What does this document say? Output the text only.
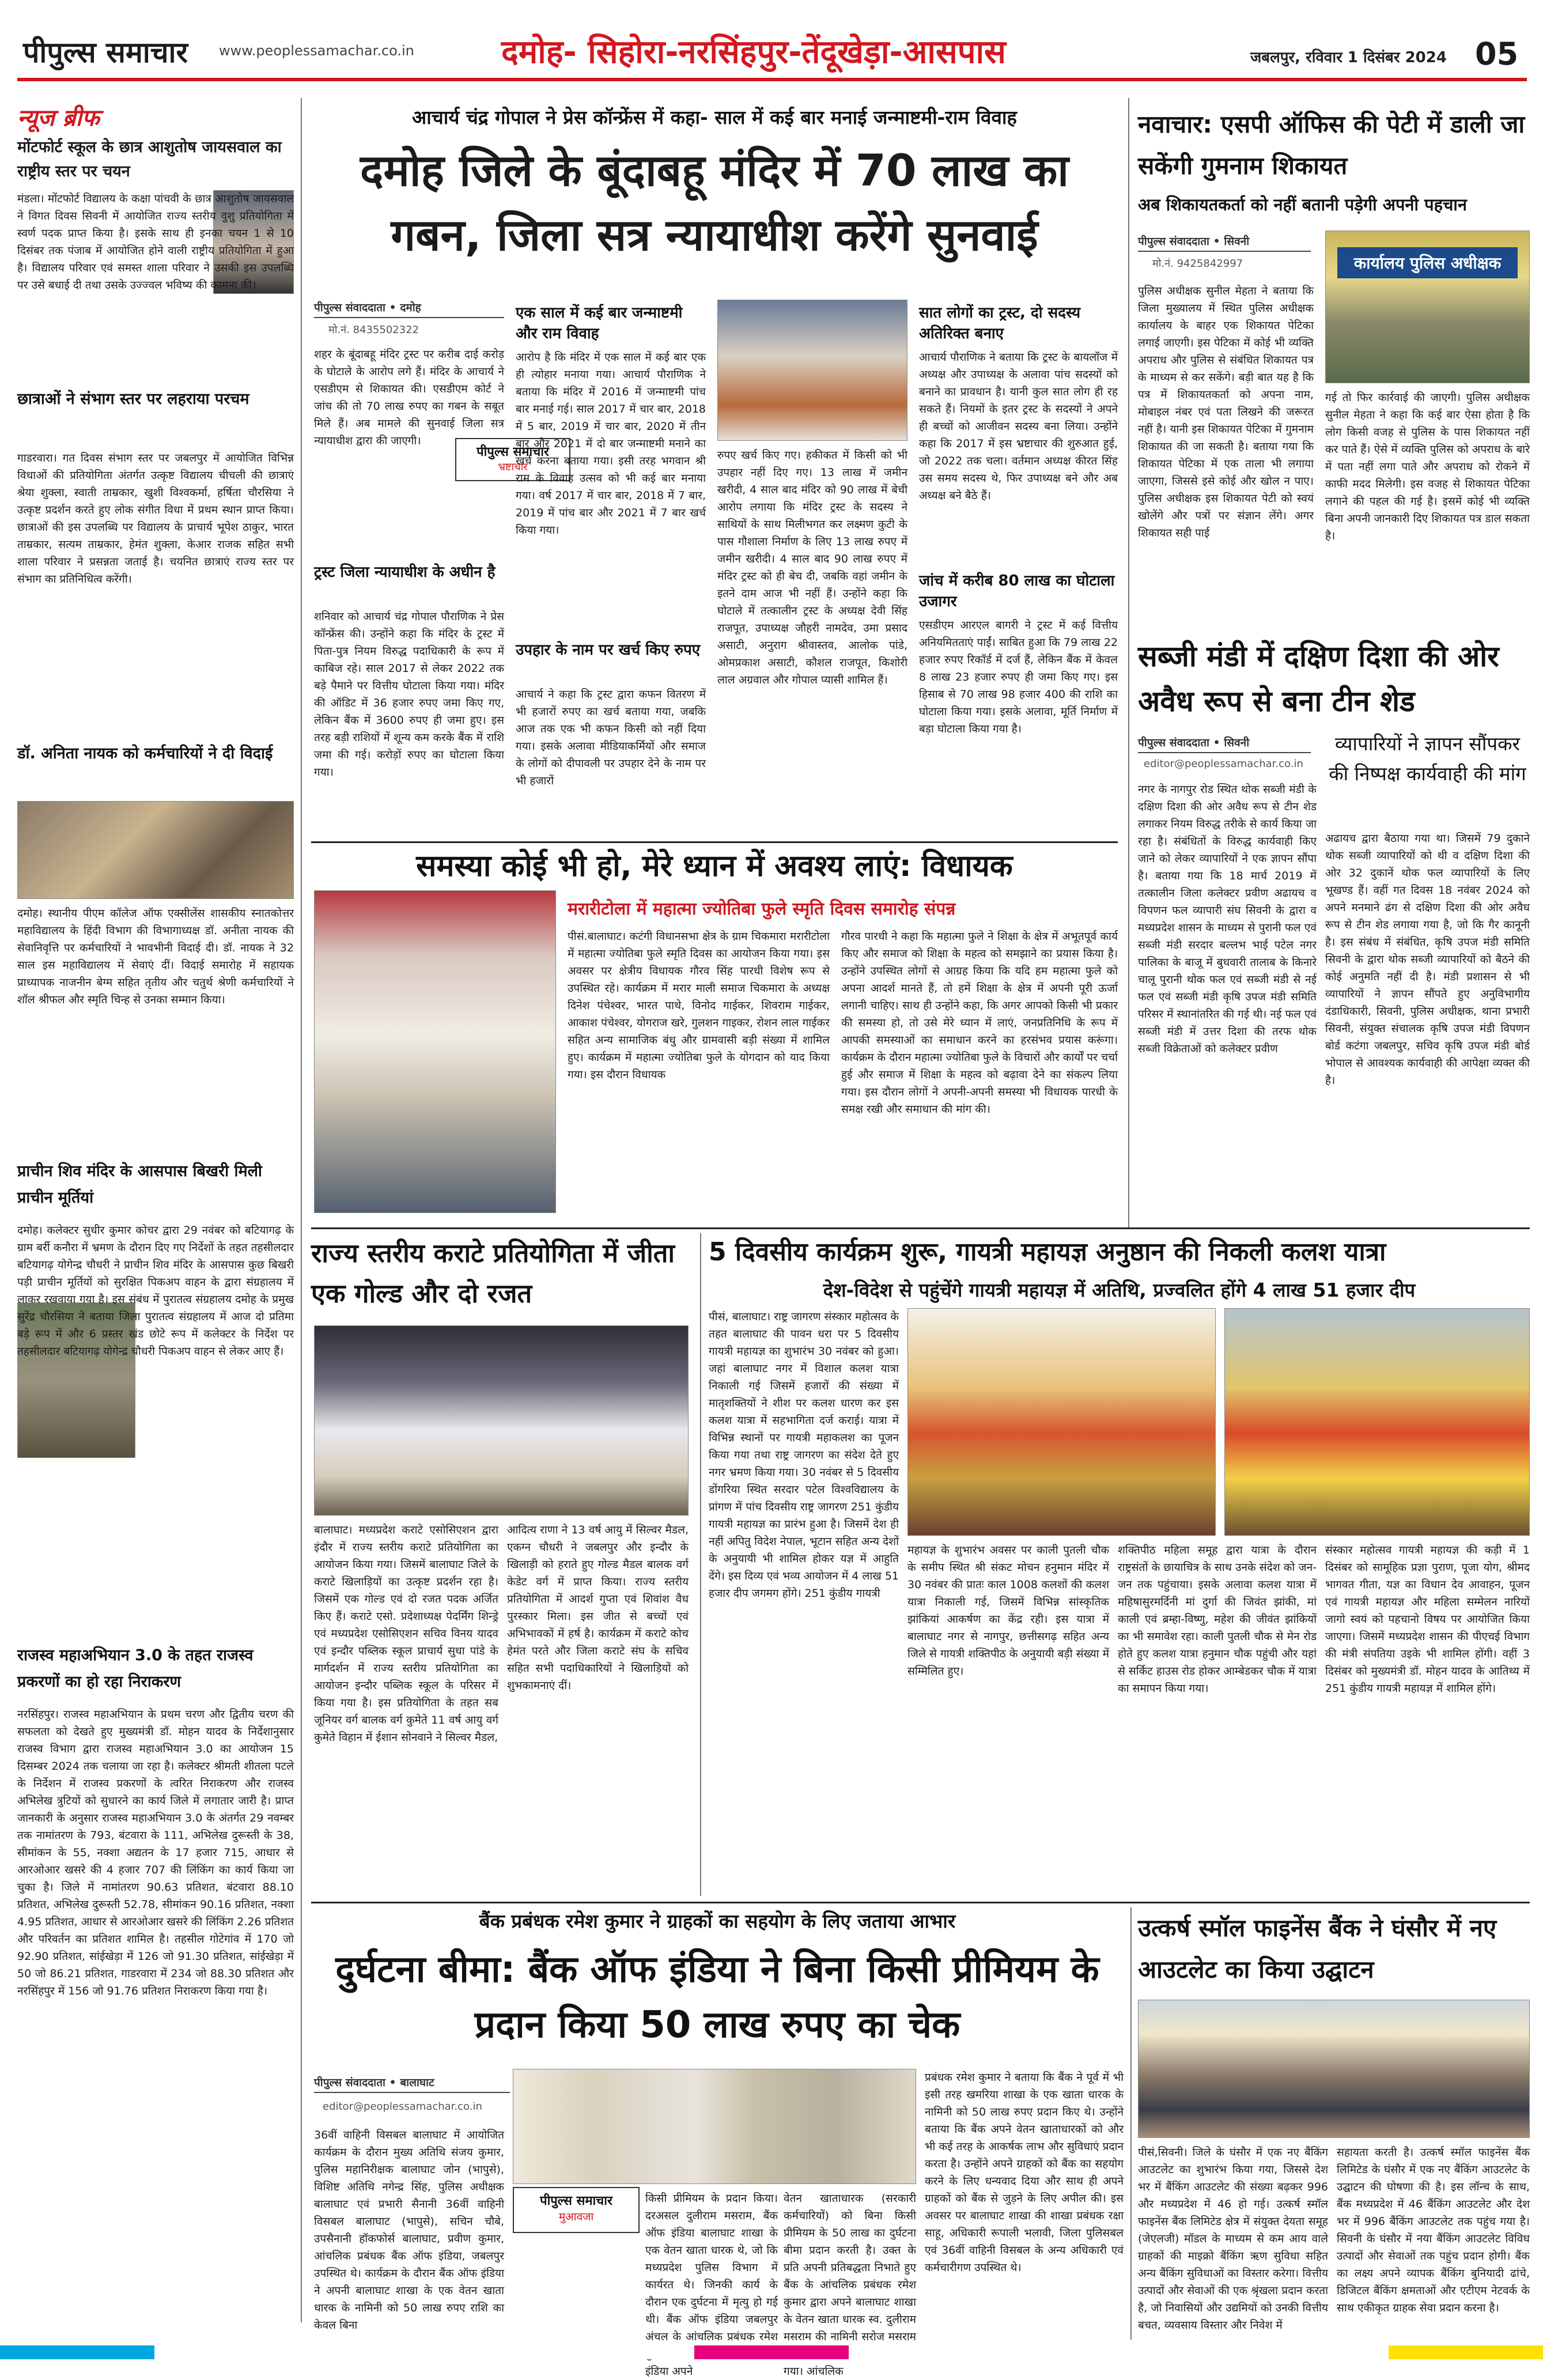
पीपुल्स समाचार	www.peoplessamachar.co.in	दमोह- सिहोरा-नरसिंहपुर-तेंदूखेड़ा-आसपास	जबलपुर, रविवार 1 दिसंबर 2024 05
न्यूज ब्रीफ
मोंटफोर्ट स्कूल के छात्र आशुतोष जायसवाल का राष्ट्रीय स्तर पर चयन
मंडला। मोंटफोर्ट विद्यालय के कक्षा पांचवी के छात्र आशुतोष जायसवाल ने विगत दिवस सिवनी में आयोजित राज्य स्तरीय वुशु प्रतियोगिता में स्वर्ण पदक प्राप्त किया है। इसके साथ ही इनका चयन 1 से 10 दिसंबर तक पंजाब में आयोजित होने वाली राष्ट्रीय प्रतियोगिता में हुआ है। विद्यालय परिवार एवं समस्त शाला परिवार ने उसकी इस उपलब्धि पर उसे बधाई दी तथा उसके उज्ज्वल भविष्य की कामना की।
छात्राओं ने संभाग स्तर पर लहराया परचम
गाडरवारा। गत दिवस संभाग स्तर पर जबलपुर में आयोजित विभिन्न विधाओं की प्रतियोगिता अंतर्गत उत्कृष्ट विद्यालय चीचली की छात्राएं श्रेया शुक्ला, स्वाती ताम्रकार, खुशी विश्वकर्मा, हर्षिता चौरसिया ने उत्कृष्ट प्रदर्शन करते हुए लोक संगीत विधा में प्रथम स्थान प्राप्त किया। छात्राओं की इस उपलब्धि पर विद्यालय के प्राचार्य भूपेश ठाकुर, भारत ताम्रकार, सत्यम ताम्रकार, हेमंत शुक्ला, केआर राजक सहित सभी शाला परिवार ने प्रसन्नता जताई है। चयनित छात्राएं राज्य स्तर पर संभाग का प्रतिनिधित्व करेंगी।
डॉ. अनिता नायक को कर्मचारियों ने दी विदाई
दमोह। स्थानीय पीएम कॉलेज ऑफ एक्सीलेंस शासकीय स्नातकोत्तर महाविद्यालय के हिंदी विभाग की विभागाध्यक्ष डॉ. अनीता नायक की सेवानिवृत्ति पर कर्मचारियों ने भावभीनी विदाई दी। डॉ. नायक ने 32 साल इस महाविद्यालय में सेवाएं दीं। विदाई समारोह में सहायक प्राध्यापक नाजनीन बेग्म सहित तृतीय और चतुर्थ श्रेणी कर्मचारियों ने शॉल श्रीफल और स्मृति चिन्ह से उनका सम्मान किया।
प्राचीन शिव मंदिर के आसपास बिखरी मिली प्राचीन मूर्तियां
दमोह। कलेक्टर सुधीर कुमार कोचर द्वारा 29 नवंबर को बटियागढ़ के ग्राम बर्री कनौरा में भ्रमण के दौरान दिए गए निर्देशों के तहत तहसीलदार बटियागढ़ योगेन्द्र चौधरी ने प्राचीन शिव मंदिर के आसपास कुछ बिखरी पड़ी प्राचीन मूर्तियों को सुरक्षित पिकअप वाहन के द्वारा संग्रहालय में लाकर रखवाया गया है। इस संबंध में पुरातत्व संग्रहालय दमोह के प्रमुख सुरेंद्र चौरसिया ने बताया जिला पुरातत्व संग्रहालय में आज दो प्रतिमा बड़े रूप में और 6 प्रस्तर खंड छोटे रूप में कलेक्टर के निर्देश पर तहसीलदार बटियागढ़ योगेन्द्र चौधरी पिकअप वाहन से लेकर आए हैं।
राजस्व महाअभियान 3.0 के तहत राजस्व प्रकरणों का हो रहा निराकरण
नरसिंहपुर। राजस्व महाअभियान के प्रथम चरण और द्वितीय चरण की सफलता को देखते हुए मुख्यमंत्री डॉ. मोहन यादव के निर्देशानुसार राजस्व विभाग द्वारा राजस्व महाअभियान 3.0 का आयोजन 15 दिसम्बर 2024 तक चलाया जा रहा है। कलेक्टर श्रीमती शीतला पटले के निर्देशन में राजस्व प्रकरणों के त्वरित निराकरण और राजस्व अभिलेख त्रुटियों को सुधारने का कार्य जिले में लगातार जारी है। प्राप्त जानकारी के अनुसार राजस्व महाअभियान 3.0 के अंतर्गत 29 नवम्बर तक नामांतरण के 793, बंटवारा के 111, अभिलेख दुरूस्ती के 38, सीमांकन के 55, नक्शा अद्यतन के 17 हजार 715, आधार से आरओआर खसरे की 4 हजार 707 की लिंकिंग का कार्य किया जा चुका है। जिले में नामांतरण 90.63 प्रतिशत, बंटवारा 88.10 प्रतिशत, अभिलेख दुरूस्ती 52.78, सीमांकन 90.16 प्रतिशत, नक्शा 4.95 प्रतिशत, आधार से आरओआर खसरे की लिंकिंग 2.26 प्रतिशत और परिवर्तन का प्रतिशत शामिल है। तहसील गोटेगांव में 170 जो 92.90 प्रतिशत, सांईखेड़ा में 126 जो 91.30 प्रतिशत, सांईखेड़ा में 50 जो 86.21 प्रतिशत, गाडरवारा में 234 जो 88.30 प्रतिशत और नरसिंहपुर में 156 जो 91.76 प्रतिशत निराकरण किया गया है।
आचार्य चंद्र गोपाल ने प्रेस कॉन्फ्रेंस में कहा- साल में कई बार मनाई जन्माष्टमी-राम विवाह
दमोह जिले के बूंदाबहू मंदिर में 70 लाख का गबन, जिला सत्र न्यायाधीश करेंगे सुनवाई
पीपुल्स संवाददाता • दमोह
मो.नं. 8435502322
शहर के बूंदाबहू मंदिर ट्रस्ट पर करीब दाई करोड़ के घोटाले के आरोप लगे हैं। मंदिर के आचार्य ने एसडीएम से शिकायत की। एसडीएम कोर्ट ने जांच की तो 70 लाख रुपए का गबन के सबूत मिले हैं। अब मामले की सुनवाई जिला सत्र न्यायाधीश द्वारा की जाएगी।
पीपुल्स समाचार
भ्रष्टाचार
ट्रस्ट जिला न्यायाधीश के अधीन है
शनिवार को आचार्य चंद्र गोपाल पौराणिक ने प्रेस कॉन्फ्रेंस की। उन्होंने कहा कि मंदिर के ट्रस्ट में पिता-पुत्र नियम विरुद्ध पदाधिकारी के रूप में काबिज रहे। साल 2017 से लेकर 2022 तक बड़े पैमाने पर वित्तीय घोटाला किया गया। मंदिर की ऑडिट में 36 हजार रुपए जमा किए गए, लेकिन बैंक में 3600 रुपए ही जमा हुए। इस तरह बड़ी राशियों में शून्य कम करके बैंक में राशि जमा की गई। करोड़ों रुपए का घोटाला किया गया।
एक साल में कई बार जन्माष्टमी और राम विवाह
आरोप है कि मंदिर में एक साल में कई बार एक ही त्योहार मनाया गया। आचार्य पौराणिक ने बताया कि मंदिर में 2016 में जन्माष्टमी पांच बार मनाई गई। साल 2017 में चार बार, 2018 में 5 बार, 2019 में चार बार, 2020 में तीन बार और 2021 में दो बार जन्माष्टमी मनाने का खर्च करना बताया गया। इसी तरह भगवान श्री राम के विवाह उत्सव को भी कई बार मनाया गया। वर्ष 2017 में चार बार, 2018 में 7 बार, 2019 में पांच बार और 2021 में 7 बार खर्च किया गया।
उपहार के नाम पर खर्च किए रुपए
आचार्य ने कहा कि ट्रस्ट द्वारा कफन वितरण में भी हजारों रुपए का खर्च बताया गया, जबकि आज तक एक भी कफन किसी को नहीं दिया गया। इसके अलावा मीडियाकर्मियों और समाज के लोगों को दीपावली पर उपहार देने के नाम पर भी हजारों
रुपए खर्च किए गए। हकीकत में किसी को भी उपहार नहीं दिए गए। 13 लाख में जमीन खरीदी, 4 साल बाद मंदिर को 90 लाख में बेची आरोप लगाया कि मंदिर ट्रस्ट के सदस्य ने साथियों के साथ मिलीभगत कर लक्ष्मण कुटी के पास गौशाला निर्माण के लिए 13 लाख रुपए में जमीन खरीदी। 4 साल बाद 90 लाख रुपए में मंदिर ट्रस्ट को ही बेच दी, जबकि वहां जमीन के इतने दाम आज भी नहीं हैं। उन्होंने कहा कि घोटाले में तत्कालीन ट्रस्ट के अध्यक्ष देवी सिंह राजपूत, उपाध्यक्ष जौहरी नामदेव, उमा प्रसाद असाटी, अनुराग श्रीवास्तव, आलोक पांडे, ओमप्रकाश असाटी, कौशल राजपूत, किशोरी लाल अग्रवाल और गोपाल प्यासी शामिल हैं।
सात लोगों का ट्रस्ट, दो सदस्य अतिरिक्त बनाए
आचार्य पौराणिक ने बताया कि ट्रस्ट के बायलॉज में अध्यक्ष और उपाध्यक्ष के अलावा पांच सदस्यों को बनाने का प्रावधान है। यानी कुल सात लोग ही रह सकते हैं। नियमों के इतर ट्रस्ट के सदस्यों ने अपने ही बच्चों को आजीवन सदस्य बना लिया। उन्होंने कहा कि 2017 में इस भ्रष्टाचार की शुरुआत हुई, जो 2022 तक चला। वर्तमान अध्यक्ष कीरत सिंह उस समय सदस्य थे, फिर उपाध्यक्ष बने और अब अध्यक्ष बने बैठे हैं।
जांच में करीब 80 लाख का घोटाला उजागर
एसडीएम आरएल बागरी ने ट्रस्ट में कई वित्तीय अनियमितताएं पाईं। साबित हुआ कि 79 लाख 22 हजार रुपए रिकॉर्ड में दर्ज हैं, लेकिन बैंक में केवल 8 लाख 23 हजार रुपए ही जमा किए गए। इस हिसाब से 70 लाख 98 हजार 400 की राशि का घोटाला किया गया। इसके अलावा, मूर्ति निर्माण में बड़ा घोटाला किया गया है।
नवाचार: एसपी ऑफिस की पेटी में डाली जा सकेंगी गुमनाम शिकायत
अब शिकायतकर्ता को नहीं बतानी पड़ेगी अपनी पहचान
पीपुल्स संवाददाता • सिवनी
मो.नं. 9425842997	कार्यालय पुलिस अधीक्षक
पुलिस अधीक्षक सुनील मेहता ने बताया कि जिला मुख्यालय में स्थित पुलिस अधीक्षक कार्यालय के बाहर एक शिकायत पेटिका लगाई जाएगी। इस पेटिका में कोई भी व्यक्ति अपराध और पुलिस से संबंधित शिकायत पत्र के माध्यम से कर सकेंगे। बड़ी बात यह है कि पत्र में शिकायतकर्ता को अपना नाम, मोबाइल नंबर एवं पता लिखने की जरूरत नहीं है। यानी इस शिकायत पेटिका में गुमनाम शिकायत की जा सकती है। बताया गया कि शिकायत पेटिका में एक ताला भी लगाया जाएगा, जिससे इसे कोई और खोल न पाए। पुलिस अधीक्षक इस शिकायत पेटी को स्वयं खोलेंगे और पत्रों पर संज्ञान लेंगे। अगर शिकायत सही पाई
गई तो फिर कार्रवाई की जाएगी। पुलिस अधीक्षक सुनील मेहता ने कहा कि कई बार ऐसा होता है कि लोग किसी वजह से पुलिस के पास शिकायत नहीं कर पाते हैं। ऐसे में व्यक्ति पुलिस को अपराध के बारे में पता नहीं लगा पाते और अपराध को रोकने में काफी मदद मिलेगी। इस वजह से शिकायत पेटिका लगाने की पहल की गई है। इसमें कोई भी व्यक्ति बिना अपनी जानकारी दिए शिकायत पत्र डाल सकता है।
सब्जी मंडी में दक्षिण दिशा की ओर अवैध रूप से बना टीन शेड
पीपुल्स संवाददाता • सिवनी
editor@peoplessamachar.co.in
व्यापारियों ने ज्ञापन सौंपकर की निष्पक्ष कार्यवाही की मांग
नगर के नागपुर रोड स्थित थोक सब्जी मंडी के दक्षिण दिशा की ओर अवैध रूप से टीन शेड लगाकर नियम विरुद्ध तरीके से कार्य किया जा रहा है। संबंधितों के विरुद्ध कार्यवाही किए जाने को लेकर व्यापारियों ने एक ज्ञापन सौंपा है। बताया गया कि 18 मार्च 2019 में तत्कालीन जिला कलेक्टर प्रवीण अढायच व विपणन फल व्यापारी संघ सिवनी के द्वारा व मध्यप्रदेश शासन के माध्यम से पुरानी फल एवं सब्जी मंडी सरदार बल्लभ भाई पटेल नगर पालिका के बाजू में बुधवारी तालाब के किनारे चालू पुरानी थोक फल एवं सब्जी मंडी से नई फल एवं सब्जी मंडी कृषि उपज मंडी समिति परिसर में स्थानांतरित की गई थी। नई फल एवं सब्जी मंडी में उत्तर दिशा की तरफ थोक सब्जी विक्रेताओं को कलेक्टर प्रवीण
अढायच द्वारा बैठाया गया था। जिसमें 79 दुकाने थोक सब्जी व्यापारियों को थी व दक्षिण दिशा की ओर 32 दुकानें थोक फल व्यापारियों के लिए भूखण्ड हैं। वहीं गत दिवस 18 नवंबर 2024 को अपने मनमाने ढंग से दक्षिण दिशा की ओर अवैध रूप से टीन शेड लगाया गया है, जो कि गैर कानूनी है। इस संबंध में संबंधित, कृषि उपज मंडी समिति सिवनी के द्वारा थोक सब्जी व्यापारियों को बैठने की कोई अनुमति नहीं दी है। मंडी प्रशासन से भी व्यापारियों ने ज्ञापन सौंपते हुए अनुविभागीय दंडाधिकारी, सिवनी, पुलिस अधीक्षक, थाना प्रभारी सिवनी, संयुक्त संचालक कृषि उपज मंडी विपणन बोर्ड कटंगा जबलपुर, सचिव कृषि उपज मंडी बोर्ड भोपाल से आवश्यक कार्यवाही की आपेक्षा व्यक्त की है।
समस्या कोई भी हो, मेरे ध्यान में अवश्य लाएं: विधायक
मरारीटोला में महात्मा ज्योतिबा फुले स्मृति दिवस समारोह संपन्न
पीसं.बालाघाट। कटंगी विधानसभा क्षेत्र के ग्राम चिकमारा मरारीटोला में महात्मा ज्योतिबा फुले स्मृति दिवस का आयोजन किया गया। इस अवसर पर क्षेत्रीय विधायक गौरव सिंह पारधी विशेष रूप से उपस्थित रहे। कार्यक्रम में मरार माली समाज चिकमारा के अध्यक्ष दिनेश पंचेश्वर, भारत पाथे, विनोद गाईकर, शिवराम गाईकर, आकाश पंचेश्वर, योगराज खरे, गुलशन गाइकर, रोशन लाल गाईकर सहित अन्य सामाजिक बंधु और ग्रामवासी बड़ी संख्या में शामिल हुए। कार्यक्रम में महात्मा ज्योतिबा फुले के योगदान को याद किया गया। इस दौरान विधायक
गौरव पारधी ने कहा कि महात्मा फुले ने शिक्षा के क्षेत्र में अभूतपूर्व कार्य किए और समाज को शिक्षा के महत्व को समझाने का प्रयास किया है। उन्होंने उपस्थित लोगों से आग्रह किया कि यदि हम महात्मा फुले को अपना आदर्श मानते हैं, तो हमें शिक्षा के क्षेत्र में अपनी पूरी ऊर्जा लगानी चाहिए। साथ ही उन्होंने कहा, कि अगर आपको किसी भी प्रकार की समस्या हो, तो उसे मेरे ध्यान में लाएं, जनप्रतिनिधि के रूप में आपकी समस्याओं का समाधान करने का हरसंभव प्रयास करूंगा। कार्यक्रम के दौरान महात्मा ज्योतिबा फुले के विचारों और कार्यों पर चर्चा हुई और समाज में शिक्षा के महत्व को बढ़ावा देने का संकल्प लिया गया। इस दौरान लोगों ने अपनी-अपनी समस्या भी विधायक पारधी के समक्ष रखी और समाधान की मांग की।
राज्य स्तरीय कराटे प्रतियोगिता में जीता एक गोल्ड और दो रजत
बालाघाट। मध्यप्रदेश कराटे एसोसिएशन द्वारा इंदौर में राज्य स्तरीय कराटे प्रतियोगिता का आयोजन किया गया। जिसमें बालाघाट जिले के कराटे खिलाड़ियों का उत्कृष्ट प्रदर्शन रहा है। जिसमें एक गोल्ड एवं दो रजत पदक अर्जित किए हैं। कराटे एसो. प्रदेशाध्यक्ष पेदर्मिंग शिन्ड्रे एवं मध्यप्रदेश एसोसिएशन सचिव विनय यादव एवं इन्दौर पब्लिक स्कूल प्राचार्य सुधा पांडे के मार्गदर्शन में राज्य स्तरीय प्रतियोगिता का आयोजन इन्दौर पब्लिक स्कूल के परिसर में किया गया है। इस प्रतियोगिता के तहत सब जूनियर वर्ग बालक वर्ग कुमेते 11 वर्ष आयु वर्ग कुमेते विहान में ईशान सोनवाने ने सिल्वर मैडल,
आदित्य राणा ने 13 वर्ष आयु में सिल्वर मैडल, एकग्न चौधरी ने जबलपुर और इन्दौर के खिलाड़ी को हराते हुए गोल्ड मैडल बालक वर्ग केडेट वर्ग में प्राप्त किया। राज्य स्तरीय प्रतियोगिता में आदर्श गुप्ता एवं शिवांश वैध पुरस्कार मिला। इस जीत से बच्चों एवं अभिभावकों में हर्ष है। कार्यक्रम में कराटे कोच हेमंत परते और जिला कराटे संघ के सचिव सहित सभी पदाधिकारियों ने खिलाड़ियों को शुभकामनाएं दीं।
5 दिवसीय कार्यक्रम शुरू, गायत्री महायज्ञ अनुष्ठान की निकली कलश यात्रा
देश-विदेश से पहुंचेंगे गायत्री महायज्ञ में अतिथि, प्रज्वलित होंगे 4 लाख 51 हजार दीप
पीसं, बालाघाट। राष्ट्र जागरण संस्कार महोत्सव के तहत बालाघाट की पावन धरा पर 5 दिवसीय गायत्री महायज्ञ का शुभारंभ 30 नवंबर को हुआ। जहां बालाघाट नगर में विशाल कलश यात्रा निकाली गई जिसमें हजारों की संख्या में मातृशक्तियों ने शीश पर कलश धारण कर इस कलश यात्रा में सहभागिता दर्ज कराई। यात्रा में विभिन्न स्थानों पर गायत्री महाकलश का पूजन किया गया तथा राष्ट्र जागरण का संदेश देते हुए नगर भ्रमण किया गया। 30 नवंबर से 5 दिवसीय डोंगरिया स्थित सरदार पटेल विश्वविद्यालय के प्रांगण में पांच दिवसीय राष्ट्र जागरण 251 कुंडीय गायत्री महायज्ञ का प्रारंभ हुआ है। जिसमें देश ही नहीं अपितु विदेश नेपाल, भूटान सहित अन्य देशों के अनुयायी भी शामिल होकर यज्ञ में आहुति देंगे। इस दिव्य एवं भव्य आयोजन में 4 लाख 51 हजार दीप जगमग होंगे। 251 कुंडीय गायत्री
महायज्ञ के शुभारंभ अवसर पर काली पुतली चौक के समीप स्थित श्री संकट मोचन हनुमान मंदिर में 30 नवंबर की प्रातः काल 1008 कलशों की कलश यात्रा निकाली गई, जिसमें विभिन्न सांस्कृतिक झांकियां आकर्षण का केंद्र रही। इस यात्रा में बालाघाट नगर से नागपुर, छत्तीसगढ़ सहित अन्य जिले से गायत्री शक्तिपीठ के अनुयायी बड़ी संख्या में सम्मिलित हुए।
शक्तिपीठ महिला समूह द्वारा यात्रा के दौरान राष्ट्रसंतों के छायाचित्र के साथ उनके संदेश को जन-जन तक पहुंचाया। इसके अलावा कलश यात्रा में महिषासुरमर्दिनी मां दुर्गा की जिवंत झांकी, मां काली एवं ब्रम्हा-विष्णु, महेश की जीवंत झांकियों का भी समावेश रहा। काली पुतली चौक से मेन रोड होते हुए कलश यात्रा हनुमान चौक पहुंची और यहां से सर्किट हाउस रोड होकर आम्बेडकर चौक में यात्रा का समापन किया गया।
संस्कार महोत्सव गायत्री महायज्ञ की कड़ी में 1 दिसंबर को सामूहिक प्रज्ञा पुराण, पूजा योग, श्रीमद भागवत गीता, यज्ञ का विधान देव आवाहन, पूजन एवं गायत्री महायज्ञ और महिला सम्मेलन नारियों जागो स्वयं को पहचानो विषय पर आयोजित किया जाएगा। जिसमें मध्यप्रदेश शासन की पीएचई विभाग की मंत्री संपतिया उइके भी शामिल होंगी। वहीं 3 दिसंबर को मुख्यमंत्री डॉ. मोहन यादव के आतिथ्य में 251 कुंडीय गायत्री महायज्ञ में शामिल होंगे।
बैंक प्रबंधक रमेश कुमार ने ग्राहकों का सहयोग के लिए जताया आभार
दुर्घटना बीमा: बैंक ऑफ इंडिया ने बिना किसी प्रीमियम के प्रदान किया 50 लाख रुपए का चेक
पीपुल्स संवाददाता • बालाघाट
editor@peoplessamachar.co.in
36वीं वाहिनी विसबल बालाघाट में आयोजित कार्यक्रम के दौरान मुख्य अतिथि संजय कुमार, पुलिस महानिरीक्षक बालाघाट जोन (भापुसे), विशिष्ट अतिथि नगेन्द्र सिंह, पुलिस अधीक्षक बालाघाट एवं प्रभारी सैनानी 36वीं वाहिनी विसबल बालाघाट (भापुसे), सचिन चौबे, उपसैनानी हॉकफोर्स बालाघाट, प्रवीण कुमार, आंचलिक प्रबंधक बैंक ऑफ इंडिया, जबलपुर उपस्थित थे। कार्यक्रम के दौरान बैंक ऑफ इंडिया ने अपनी बालाघाट शाखा के एक वेतन खाता धारक के नामिनी को 50 लाख रुपए राशि का केवल बिना
पीपुल्स समाचार
मुआवजा
किसी प्रीमियम के प्रदान किया। दरअसल दुलीराम मसराम, बैंक ऑफ इंडिया बालाघाट शाखा के एक वेतन खाता धारक थे, जो कि मध्यप्रदेश पुलिस विभाग में कार्यरत थे। जिनकी कार्य के दौरान एक दुर्घटना में मृत्यु हो गई थी। बैंक ऑफ इंडिया जबलपुर अंचल के आंचलिक प्रबंधक रमेश इंडिया अपने
वेतन खाताधारक (सरकारी कर्मचारियों) को बिना किसी प्रीमियम के 50 लाख का दुर्घटना बीमा प्रदान करती है। उक्त के प्रति अपनी प्रतिबद्धता निभाते हुए बैंक के आंचलिक प्रबंधक रमेश कुमार द्वारा अपने बालाघाट शाखा के वेतन खाता धारक स्व. दुलीराम मसराम की नामिनी सरोज मसराम गया। आंचलिक
प्रबंधक रमेश कुमार ने बताया कि बैंक ने पूर्व में भी इसी तरह खमरिया शाखा के एक खाता धारक के नामिनी को 50 लाख रुपए प्रदान किए थे। उन्होंने बताया कि बैंक अपने वेतन खाताधारकों को और भी कई तरह के आकर्षक लाभ और सुविधाएं प्रदान करता है। उन्होंने अपने ग्राहकों को बैंक का सहयोग करने के लिए धन्यवाद दिया और साथ ही अपने ग्राहकों को बैंक से जुड़ने के लिए अपील की। इस अवसर पर बालाघाट शाखा की शाखा प्रबंधक रक्षा साहू, अधिकारी रूपाली भलावी, जिला पुलिसबल एवं 36वीं वाहिनी विसबल के अन्य अधिकारी एवं कर्मचारीगण उपस्थित थे।
उत्कर्ष स्मॉल फाइनेंस बैंक ने घंसौर में नए आउटलेट का किया उद्घाटन
पीसं,सिवनी। जिले के घंसौर में एक नए बैंकिंग आउटलेट का शुभारंभ किया गया, जिससे देश भर में बैंकिंग आउटलेट की संख्या बढ़कर 996 और मध्यप्रदेश में 46 हो गई। उत्कर्ष स्मॉल फाइनेंस बैंक लिमिटेड क्षेत्र में संयुक्त देयता समूह (जेएलजी) मॉडल के माध्यम से कम आय वाले ग्राहकों की माइक्रो बैंकिंग ऋण सुविधा सहित अन्य बैंकिंग सुविधाओं का विस्तार करेगा। वित्तीय उत्पादों और सेवाओं की एक श्रृंखला प्रदान करता है, जो निवासियों और उद्यमियों को उनकी वित्तीय बचत, व्यवसाय विस्तार और निवेश में
सहायता करती है। उत्कर्ष स्मॉल फाइनेंस बैंक लिमिटेड के घंसौर में एक नए बैंकिंग आउटलेट के उद्घाटन की घोषणा की है। इस लॉन्च के साथ, बैंक मध्यप्रदेश में 46 बैंकिंग आउटलेट और देश भर में 996 बैंकिंग आउटलेट तक पहुंच गया है। सिवनी के घंसौर में नया बैंकिंग आउटलेट विविध उत्पादों और सेवाओं तक पहुंच प्रदान होगी। बैंक का लक्ष्य अपने व्यापक बैंकिंग बुनियादी ढांचे, डिजिटल बैंकिंग क्षमताओं और एटीएम नेटवर्क के साथ एकीकृत ग्राहक सेवा प्रदान करना है।
